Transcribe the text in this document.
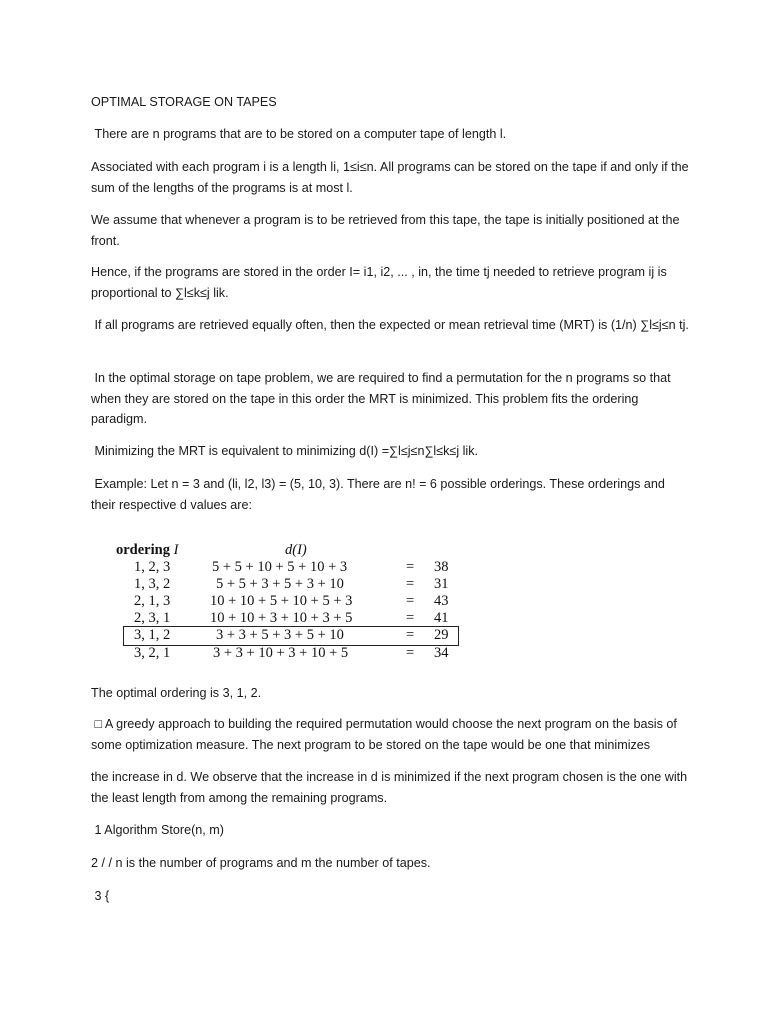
OPTIMAL STORAGE ON TAPES

There are n programs that are to be stored on a computer tape of length l.

Associated with each program i is a length li, 1≤i≤n. All programs can be stored on the tape if and only if the sum of the lengths of the programs is at most l.

We assume that whenever a program is to be retrieved from this tape, the tape is initially positioned at the front.

Hence, if the programs are stored in the order I= i1, i2, ... , in, the time tj needed to retrieve program ij is proportional to ∑l≤k≤j lik.

If all programs are retrieved equally often, then the expected or mean retrieval time (MRT) is (1/n) ∑l≤j≤n tj.

In the optimal storage on tape problem, we are required to find a permutation for the n programs so that when they are stored on the tape in this order the MRT is minimized. This problem fits the ordering paradigm.

Minimizing the MRT is equivalent to minimizing d(I) =∑l≤j≤n∑l≤k≤j lik.

Example: Let n = 3 and (li, l2, l3) = (5, 10, 3). There are n! = 6 possible orderings. These orderings and their respective d values are:

ordering I	d(I)
1, 2, 3	5 + 5 + 10 + 5 + 10 + 3	= 38
1, 3, 2	5 + 5 + 3 + 5 + 3 + 10	= 31
2, 1, 3	10 + 10 + 5 + 10 + 5 + 3	= 43
2, 3, 1	10 + 10 + 3 + 10 + 3 + 5	= 41
3, 1, 2	3 + 3 + 5 + 3 + 5 + 10	= 29
3, 2, 1	3 + 3 + 10 + 3 + 10 + 5	= 34

The optimal ordering is 3, 1, 2.

□ A greedy approach to building the required permutation would choose the next program on the basis of some optimization measure. The next program to be stored on the tape would be one that minimizes

the increase in d. We observe that the increase in d is minimized if the next program chosen is the one with the least length from among the remaining programs.

1 Algorithm Store(n, m)

2 / / n is the number of programs and m the number of tapes.

3 {
